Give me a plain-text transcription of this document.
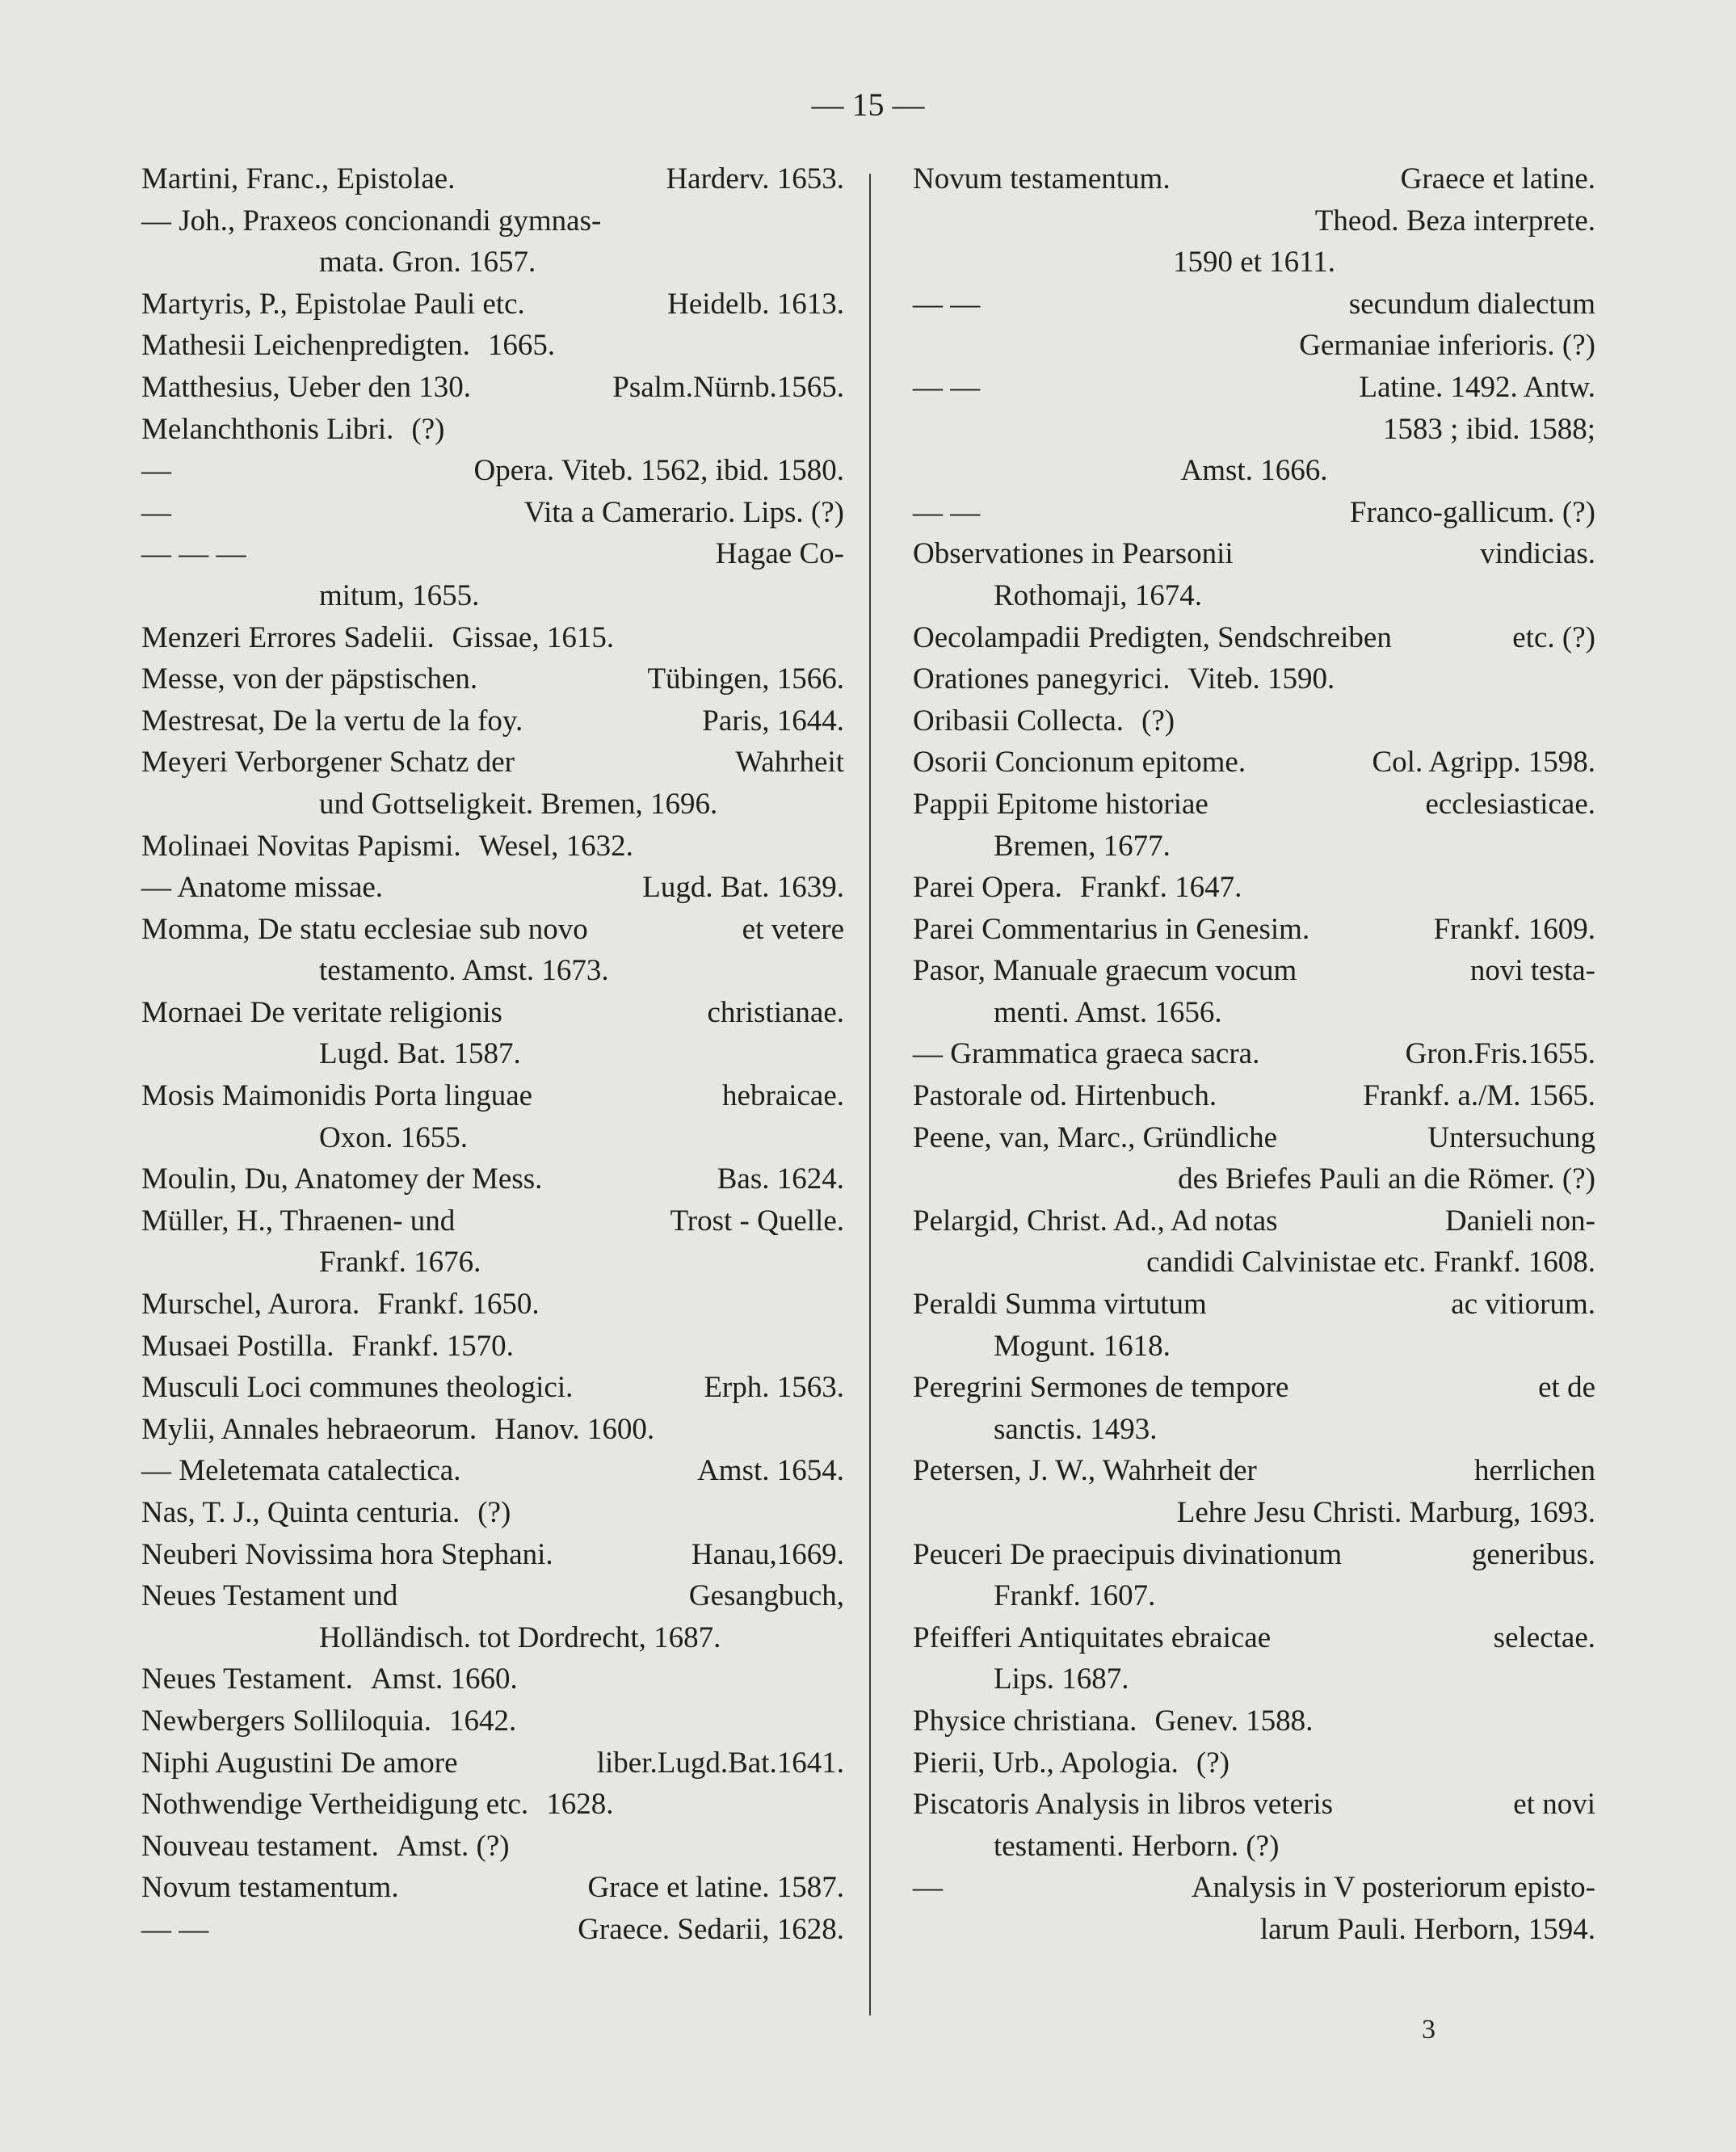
— 15 —
Martini, Franc., Epistolae.	Harderv. 1653.
— Joh., Praxeos concionandi gymnas-
mata. Gron. 1657.
Martyris, P., Epistolae Pauli etc.	Heidelb. 1613.
Mathesii Leichenpredigten. 1665.
Matthesius, Ueber den 130.	Psalm.Nürnb.1565.
Melanchthonis Libri. (?)
—	Opera. Viteb. 1562, ibid. 1580.
—	Vita a Camerario. Lips. (?)
— — —	Hagae Co-
mitum, 1655.
Menzeri Errores Sadelii. Gissae, 1615.
Messe, von der päpstischen.	Tübingen, 1566.
Mestresat, De la vertu de la foy.	Paris, 1644.
Meyeri Verborgener Schatz der	Wahrheit
und Gottseligkeit. Bremen, 1696.
Molinaei Novitas Papismi. Wesel, 1632.
— Anatome missae.	Lugd. Bat. 1639.
Momma, De statu ecclesiae sub novo	et vetere
testamento. Amst. 1673.
Mornaei De veritate religionis	christianae.
Lugd. Bat. 1587.
Mosis Maimonidis Porta linguae	hebraicae.
Oxon. 1655.
Moulin, Du, Anatomey der Mess.	Bas. 1624.
Müller, H., Thraenen- und	Trost - Quelle.
Frankf. 1676.
Murschel, Aurora. Frankf. 1650.
Musaei Postilla. Frankf. 1570.
Musculi Loci communes theologici.	Erph. 1563.
Mylii, Annales hebraeorum. Hanov. 1600.
— Meletemata catalectica.	Amst. 1654.
Nas, T. J., Quinta centuria. (?)
Neuberi Novissima hora Stephani.	Hanau,1669.
Neues Testament und	Gesangbuch,
Holländisch. tot Dordrecht, 1687.
Neues Testament. Amst. 1660.
Newbergers Solliloquia. 1642.
Niphi Augustini De amore	liber.Lugd.Bat.1641.
Nothwendige Vertheidigung etc. 1628.
Nouveau testament. Amst. (?)
Novum testamentum.	Grace et latine. 1587.
— —	Graece. Sedarii, 1628.
Novum testamentum.	Graece et latine.
Theod. Beza interprete.
1590 et 1611.
— —	secundum dialectum
Germaniae inferioris. (?)
— —	Latine. 1492. Antw.
1583 ; ibid. 1588;
Amst. 1666.
— —	Franco-gallicum. (?)
Observationes in Pearsonii	vindicias.
Rothomaji, 1674.
Oecolampadii Predigten, Sendschreiben	etc. (?)
Orationes panegyrici. Viteb. 1590.
Oribasii Collecta. (?)
Osorii Concionum epitome.	Col. Agripp. 1598.
Pappii Epitome historiae	ecclesiasticae.
Bremen, 1677.
Parei Opera. Frankf. 1647.
Parei Commentarius in Genesim.	Frankf. 1609.
Pasor, Manuale graecum vocum	novi testa-
menti. Amst. 1656.
— Grammatica graeca sacra.	Gron.Fris.1655.
Pastorale od. Hirtenbuch.	Frankf. a./M. 1565.
Peene, van, Marc., Gründliche	Untersuchung
des Briefes Pauli an die Römer. (?)
Pelargid, Christ. Ad., Ad notas	Danieli non-
candidi Calvinistae etc. Frankf. 1608.
Peraldi Summa virtutum	ac vitiorum.
Mogunt. 1618.
Peregrini Sermones de tempore	et de
sanctis. 1493.
Petersen, J. W., Wahrheit der	herrlichen
Lehre Jesu Christi. Marburg, 1693.
Peuceri De praecipuis divinationum	generibus.
Frankf. 1607.
Pfeifferi Antiquitates ebraicae	selectae.
Lips. 1687.
Physice christiana. Genev. 1588.
Pierii, Urb., Apologia. (?)
Piscatoris Analysis in libros veteris	et novi
testamenti. Herborn. (?)
—	Analysis in V posteriorum episto-
larum Pauli. Herborn, 1594.
3
